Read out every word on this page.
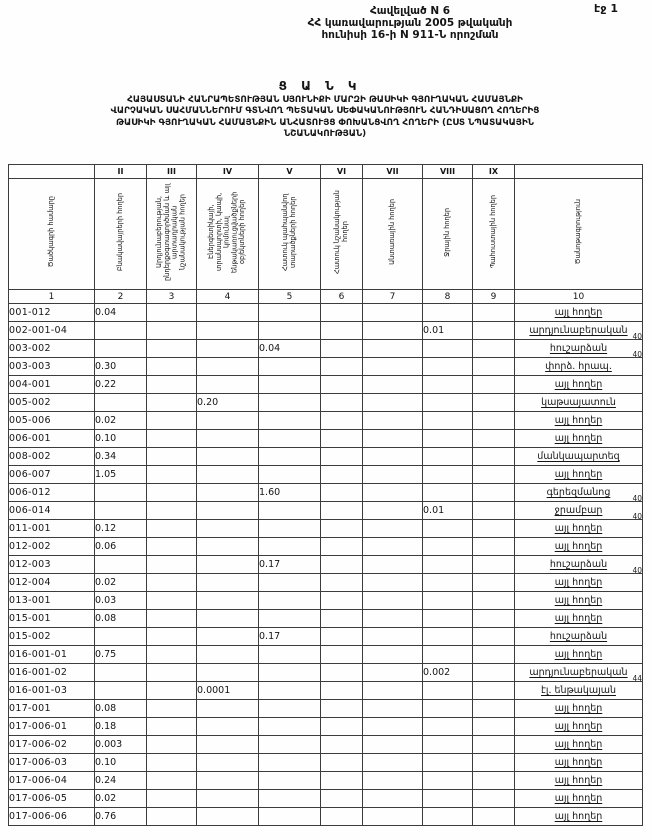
էջ 1
Հավելված N 6
ՀՀ կառավարության 2005 թվականի
հունիսի 16-ի N 911-Ն որոշման
Ց Ա Ն Կ
ՀԱՅԱՍՏԱՆԻ ՀԱՆՐԱՊԵՏՈՒԹՅԱՆ ՍՅՈՒՆԻՔԻ ՄԱՐԶԻ ԹԱՍԻԿԻ ԳՅՈՒՂԱԿԱՆ ՀԱՄԱՅՆՔԻ
ՎԱՐՉԱԿԱՆ ՍԱՀՄԱՆՆԵՐՈՒՄ ԳՏՆՎՈՂ ՊԵՏԱԿԱՆ ՍԵՓԱԿԱՆՈՒԹՅՈՒՆ ՀԱՆԴԻՍԱՑՈՂ ՀՈՂԵՐԻՑ
ԹԱՍԻԿԻ ԳՅՈՒՂԱԿԱՆ ՀԱՄԱՅՆՔԻՆ ԱՆՀԱՏՈՒՅՑ ՓՈԽԱՆՑՎՈՂ ՀՈՂԵՐԻ (ԸՍՏ ՆՊԱՏԱԿԱՅԻՆ
ՆՇԱՆԱԿՈՒԹՅԱՆ)
	II	III	IV	V	VI	VII	VIII	IX	
Ծածկագրի համարը	Բնակավայրերի հողեր	Արդյունաբերության, ընդերքօգտագործման և այլ արտադրական նշանակության հողեր	Էներգետիկայի, տրանսպորտի, կապի, կոմունալ ենթակառուցվածքների օբյեկտների հողեր	Հատուկ պահպանվող տարածքների հողեր	Հատուկ նշանակության հողեր	Անտառային հողեր	Ջրային հողեր	Պահուստային հողեր	Ծանոթագրություն
1	2	3	4	5	6	7	8	9	10
001-012	0.04								այլ հողեր
002-001-04							0.01		արդյունաբերական
40

003-002				0.04					հուշարձան
40

003-003	0.30								փորձ. հրապ.
004-001	0.22								այլ հողեր
005-002			0.20						կաթսայատուն
005-006	0.02								այլ հողեր
006-001	0.10								այլ հողեր
008-002	0.34								մանկապարտեզ
006-007	1.05								այլ հողեր
006-012				1.60					գերեզմանոց
40

006-014							0.01		ջրամբար
40

011-001	0.12								այլ հողեր
012-002	0.06								այլ հողեր
012-003				0.17					հուշարձան
40

012-004	0.02								այլ հողեր
013-001	0.03								այլ հողեր
015-001	0.08								այլ հողեր
015-002				0.17					հուշարձան
016-001-01	0.75								այլ հողեր
016-001-02							0.002		արդյունաբերական
44

016-001-03			0.0001						էլ. ենթակայան
017-001	0.08								այլ հողեր
017-006-01	0.18								այլ հողեր
017-006-02	0.003								այլ հողեր
017-006-03	0.10								այլ հողեր
017-006-04	0.24								այլ հողեր
017-006-05	0.02								այլ հողեր
017-006-06	0.76								այլ հողեր
